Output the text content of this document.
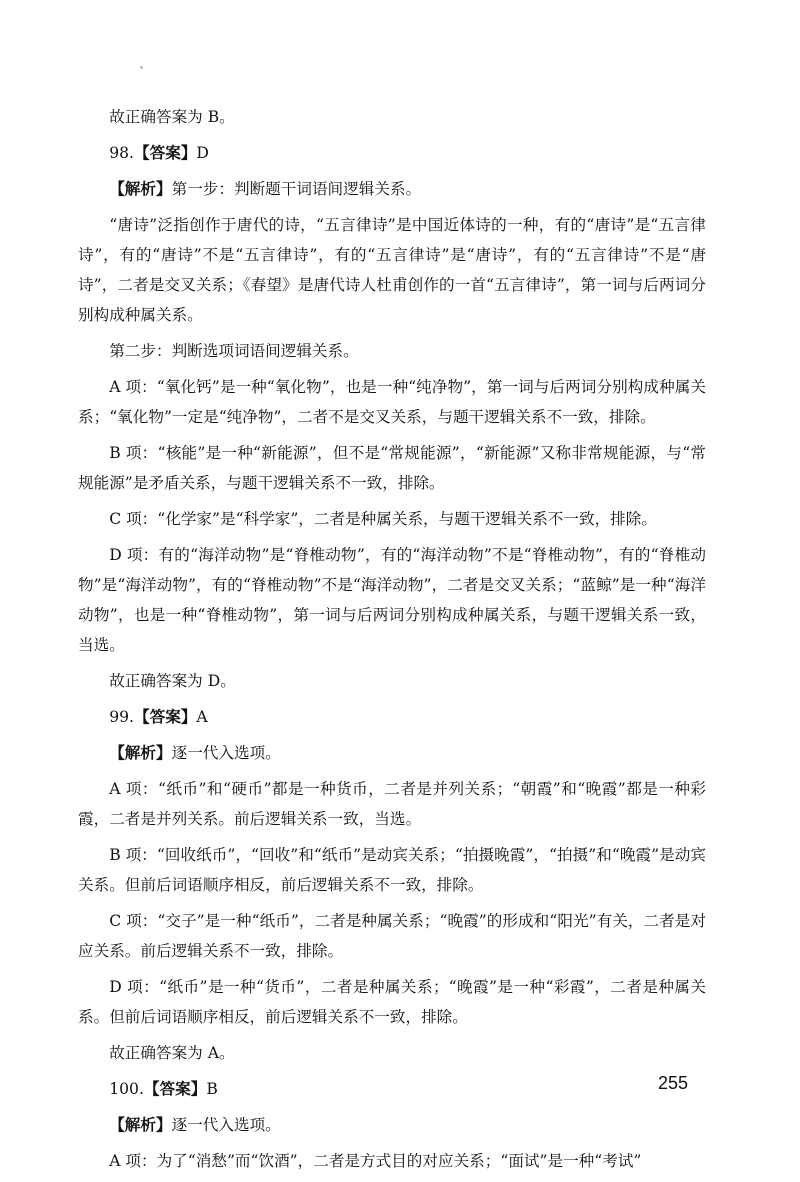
故正确答案为 B。

98.【答案】D

【解析】第一步：判断题干词语间逻辑关系。

“唐诗”泛指创作于唐代的诗，“五言律诗”是中国近体诗的一种，有的“唐诗”是“五言律诗”，有的“唐诗”不是“五言律诗”，有的“五言律诗”是“唐诗”，有的“五言律诗”不是“唐诗”，二者是交叉关系；《春望》是唐代诗人杜甫创作的一首“五言律诗”，第一词与后两词分别构成种属关系。

第二步：判断选项词语间逻辑关系。

A 项：“氧化钙”是一种“氧化物”，也是一种“纯净物”，第一词与后两词分别构成种属关系；“氧化物”一定是“纯净物”，二者不是交叉关系，与题干逻辑关系不一致，排除。

B 项：“核能”是一种“新能源”，但不是“常规能源”，“新能源”又称非常规能源，与“常规能源”是矛盾关系，与题干逻辑关系不一致，排除。

C 项：“化学家”是“科学家”，二者是种属关系，与题干逻辑关系不一致，排除。

D 项：有的“海洋动物”是“脊椎动物”，有的“海洋动物”不是“脊椎动物”，有的“脊椎动物”是“海洋动物”，有的“脊椎动物”不是“海洋动物”，二者是交叉关系；“蓝鲸”是一种“海洋动物”，也是一种“脊椎动物”，第一词与后两词分别构成种属关系，与题干逻辑关系一致，当选。

故正确答案为 D。

99.【答案】A

【解析】逐一代入选项。

A 项：“纸币”和“硬币”都是一种货币，二者是并列关系；“朝霞”和“晚霞”都是一种彩霞，二者是并列关系。前后逻辑关系一致，当选。

B 项：“回收纸币”，“回收”和“纸币”是动宾关系；“拍摄晚霞”，“拍摄”和“晚霞”是动宾关系。但前后词语顺序相反，前后逻辑关系不一致，排除。

C 项：“交子”是一种“纸币”，二者是种属关系；“晚霞”的形成和“阳光”有关，二者是对应关系。前后逻辑关系不一致，排除。

D 项：“纸币”是一种“货币”，二者是种属关系；“晚霞”是一种“彩霞”，二者是种属关系。但前后词语顺序相反，前后逻辑关系不一致，排除。

故正确答案为 A。

100.【答案】B

【解析】逐一代入选项。

A 项：为了“消愁”而“饮酒”，二者是方式目的对应关系；“面试”是一种“考试”

255
